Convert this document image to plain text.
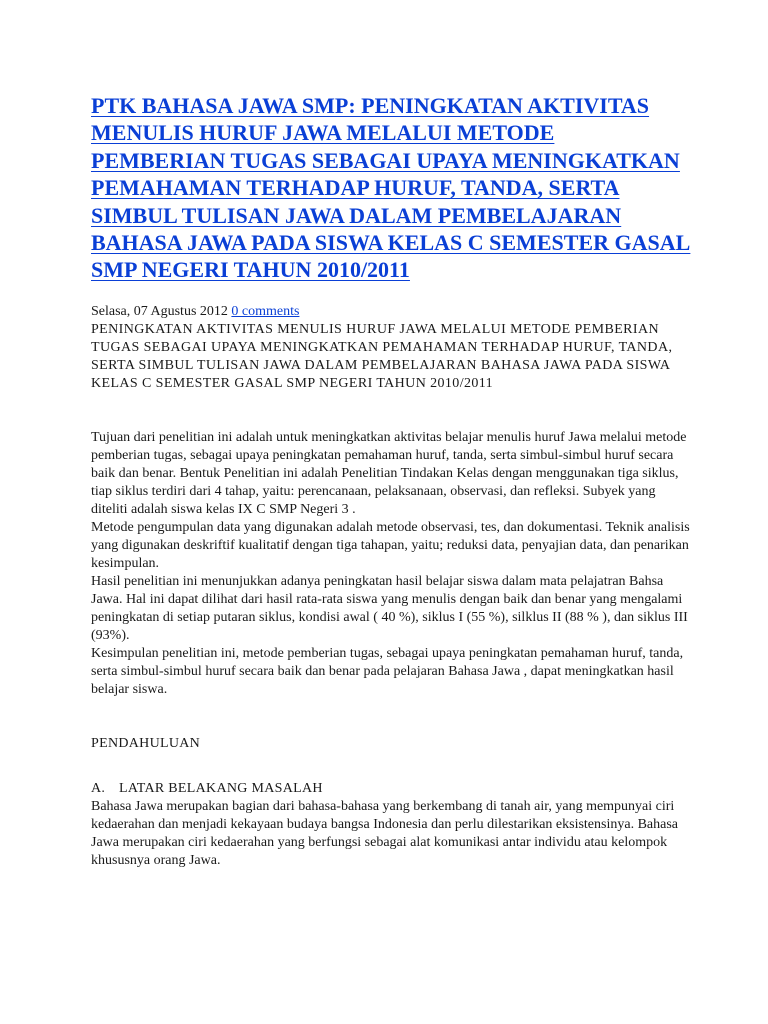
PTK BAHASA JAWA SMP: PENINGKATAN AKTIVITAS MENULIS HURUF JAWA MELALUI METODE PEMBERIAN TUGAS SEBAGAI UPAYA MENINGKATKAN PEMAHAMAN TERHADAP HURUF, TANDA, SERTA SIMBUL TULISAN JAWA DALAM PEMBELAJARAN BAHASA JAWA PADA SISWA KELAS C SEMESTER GASAL SMP NEGERI TAHUN 2010/2011
Selasa, 07 Agustus 2012 0 comments

PENINGKATAN AKTIVITAS MENULIS HURUF JAWA MELALUI METODE PEMBERIAN TUGAS SEBAGAI UPAYA MENINGKATKAN PEMAHAMAN TERHADAP HURUF, TANDA, SERTA SIMBUL TULISAN JAWA DALAM PEMBELAJARAN BAHASA JAWA PADA SISWA KELAS C SEMESTER GASAL SMP NEGERI TAHUN 2010/2011

Tujuan dari penelitian ini adalah untuk meningkatkan aktivitas belajar menulis huruf Jawa melalui metode pemberian tugas, sebagai upaya peningkatan pemahaman huruf, tanda, serta simbul-simbul huruf secara baik dan benar. Bentuk Penelitian ini adalah Penelitian Tindakan Kelas dengan menggunakan tiga siklus, tiap siklus terdiri dari 4 tahap, yaitu: perencanaan, pelaksanaan, observasi, dan refleksi. Subyek yang diteliti adalah siswa kelas IX C SMP Negeri 3 .

Metode pengumpulan data yang digunakan adalah metode observasi, tes, dan dokumentasi. Teknik analisis yang digunakan deskriftif kualitatif dengan tiga tahapan, yaitu; reduksi data, penyajian data, dan penarikan kesimpulan.

Hasil penelitian ini menunjukkan adanya peningkatan hasil belajar siswa dalam mata pelajatran Bahsa Jawa. Hal ini dapat dilihat dari hasil rata-rata siswa yang menulis dengan baik dan benar yang mengalami peningkatan di setiap putaran siklus, kondisi awal ( 40 %), siklus I (55 %), silklus II (88 % ), dan siklus III (93%).

Kesimpulan penelitian ini, metode pemberian tugas, sebagai upaya peningkatan pemahaman huruf, tanda, serta simbul-simbul huruf secara baik dan benar pada pelajaran Bahasa Jawa , dapat meningkatkan hasil belajar siswa.

PENDAHULUAN

A. LATAR BELAKANG MASALAH

Bahasa Jawa merupakan bagian dari bahasa-bahasa yang berkembang di tanah air, yang mempunyai ciri kedaerahan dan menjadi kekayaan budaya bangsa Indonesia dan perlu dilestarikan eksistensinya. Bahasa Jawa merupakan ciri kedaerahan yang berfungsi sebagai alat komunikasi antar individu atau kelompok khususnya orang Jawa.
